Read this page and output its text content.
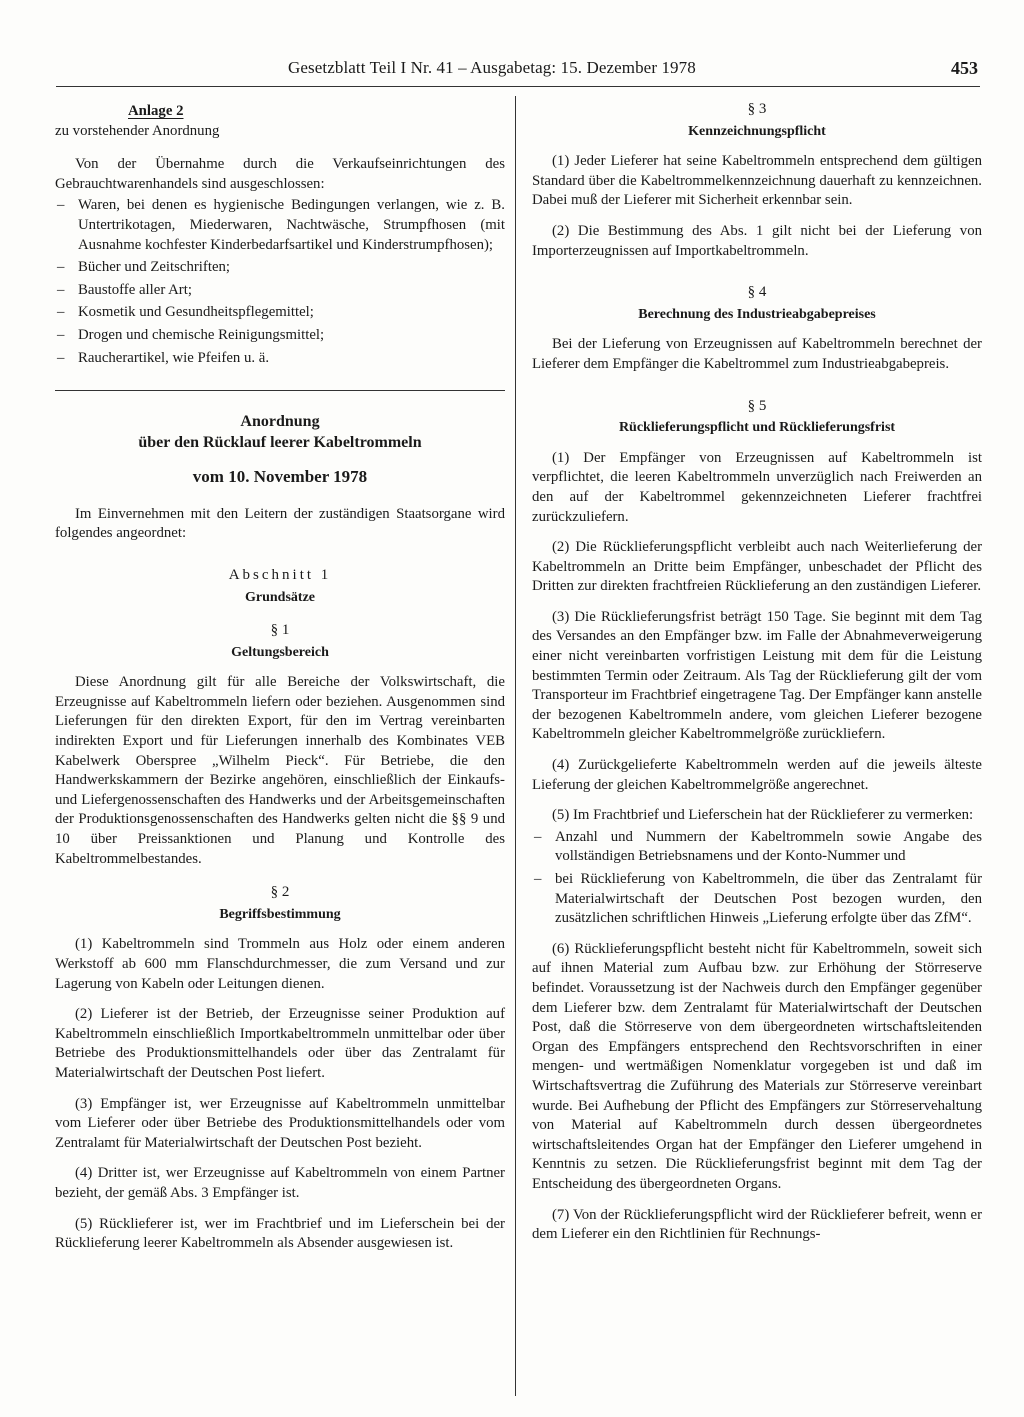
Gesetzblatt Teil I Nr. 41 – Ausgabetag: 15. Dezember 1978	453
Anlage 2

zu vorstehender Anordnung

Von der Übernahme durch die Verkaufseinrichtungen des Gebrauchtwarenhandels sind ausgeschlossen:

– Waren, bei denen es hygienische Bedingungen verlangen, wie z. B. Untertrikotagen, Miederwaren, Nachtwäsche, Strumpfhosen (mit Ausnahme kochfester Kinderbedarfsartikel und Kinderstrumpfhosen);
– Bücher und Zeitschriften;
– Baustoffe aller Art;
– Kosmetik und Gesundheitspflegemittel;
– Drogen und chemische Reinigungsmittel;
– Raucherartikel, wie Pfeifen u. ä.
Anordnung
über den Rücklauf leerer Kabeltrommeln
vom 10. November 1978

Im Einvernehmen mit den Leitern der zuständigen Staatsorgane wird folgendes angeordnet:

Abschnitt 1
Grundsätze
§ 1
Geltungsbereich

Diese Anordnung gilt für alle Bereiche der Volkswirtschaft, die Erzeugnisse auf Kabeltrommeln liefern oder beziehen. Ausgenommen sind Lieferungen für den direkten Export, für den im Vertrag vereinbarten indirekten Export und für Lieferungen innerhalb des Kombinates VEB Kabelwerk Oberspree „Wilhelm Pieck“. Für Betriebe, die den Handwerkskammern der Bezirke angehören, einschließlich der Einkaufs- und Liefergenossenschaften des Handwerks und der Arbeitsgemeinschaften der Produktionsgenossenschaften des Handwerks gelten nicht die §§ 9 und 10 über Preissanktionen und Planung und Kontrolle des Kabeltrommelbestandes.

§ 2
Begriffsbestimmung

(1) Kabeltrommeln sind Trommeln aus Holz oder einem anderen Werkstoff ab 600 mm Flanschdurchmesser, die zum Versand und zur Lagerung von Kabeln oder Leitungen dienen.

(2) Lieferer ist der Betrieb, der Erzeugnisse seiner Produktion auf Kabeltrommeln einschließlich Importkabeltrommeln unmittelbar oder über Betriebe des Produktionsmittelhandels oder über das Zentralamt für Materialwirtschaft der Deutschen Post liefert.

(3) Empfänger ist, wer Erzeugnisse auf Kabeltrommeln unmittelbar vom Lieferer oder über Betriebe des Produktionsmittelhandels oder vom Zentralamt für Materialwirtschaft der Deutschen Post bezieht.

(4) Dritter ist, wer Erzeugnisse auf Kabeltrommeln von einem Partner bezieht, der gemäß Abs. 3 Empfänger ist.

(5) Rücklieferer ist, wer im Frachtbrief und im Lieferschein bei der Rücklieferung leerer Kabeltrommeln als Absender ausgewiesen ist.

§ 3
Kennzeichnungspflicht

(1) Jeder Lieferer hat seine Kabeltrommeln entsprechend dem gültigen Standard über die Kabeltrommelkennzeichnung dauerhaft zu kennzeichnen. Dabei muß der Lieferer mit Sicherheit erkennbar sein.

(2) Die Bestimmung des Abs. 1 gilt nicht bei der Lieferung von Importerzeugnissen auf Importkabeltrommeln.

§ 4
Berechnung des Industrieabgabepreises

Bei der Lieferung von Erzeugnissen auf Kabeltrommeln berechnet der Lieferer dem Empfänger die Kabeltrommel zum Industrieabgabepreis.

§ 5
Rücklieferungspflicht und Rücklieferungsfrist

(1) Der Empfänger von Erzeugnissen auf Kabeltrommeln ist verpflichtet, die leeren Kabeltrommeln unverzüglich nach Freiwerden an den auf der Kabeltrommel gekennzeichneten Lieferer frachtfrei zurückzuliefern.

(2) Die Rücklieferungspflicht verbleibt auch nach Weiterlieferung der Kabeltrommeln an Dritte beim Empfänger, unbeschadet der Pflicht des Dritten zur direkten frachtfreien Rücklieferung an den zuständigen Lieferer.

(3) Die Rücklieferungsfrist beträgt 150 Tage. Sie beginnt mit dem Tag des Versandes an den Empfänger bzw. im Falle der Abnahmeverweigerung einer nicht vereinbarten vorfristigen Leistung mit dem für die Leistung bestimmten Termin oder Zeitraum. Als Tag der Rücklieferung gilt der vom Transporteur im Frachtbrief eingetragene Tag. Der Empfänger kann anstelle der bezogenen Kabeltrommeln andere, vom gleichen Lieferer bezogene Kabeltrommeln gleicher Kabeltrommelgröße zurückliefern.

(4) Zurückgelieferte Kabeltrommeln werden auf die jeweils älteste Lieferung der gleichen Kabeltrommelgröße angerechnet.

(5) Im Frachtbrief und Lieferschein hat der Rücklieferer zu vermerken:

– Anzahl und Nummern der Kabeltrommeln sowie Angabe des vollständigen Betriebsnamens und der Konto-Nummer und
– bei Rücklieferung von Kabeltrommeln, die über das Zentralamt für Materialwirtschaft der Deutschen Post bezogen wurden, den zusätzlichen schriftlichen Hinweis „Lieferung erfolgte über das ZfM“.

(6) Rücklieferungspflicht besteht nicht für Kabeltrommeln, soweit sich auf ihnen Material zum Aufbau bzw. zur Erhöhung der Störreserve befindet. Voraussetzung ist der Nachweis durch den Empfänger gegenüber dem Lieferer bzw. dem Zentralamt für Materialwirtschaft der Deutschen Post, daß die Störreserve von dem übergeordneten wirtschaftsleitenden Organ des Empfängers entsprechend den Rechtsvorschriften in einer mengen- und wertmäßigen Nomenklatur vorgegeben ist und daß im Wirtschaftsvertrag die Zuführung des Materials zur Störreserve vereinbart wurde. Bei Aufhebung der Pflicht des Empfängers zur Störreservehaltung von Material auf Kabeltrommeln durch dessen übergeordnetes wirtschaftsleitendes Organ hat der Empfänger den Lieferer umgehend in Kenntnis zu setzen. Die Rücklieferungsfrist beginnt mit dem Tag der Entscheidung des übergeordneten Organs.

(7) Von der Rücklieferungspflicht wird der Rücklieferer befreit, wenn er dem Lieferer ein den Richtlinien für Rechnungs-
